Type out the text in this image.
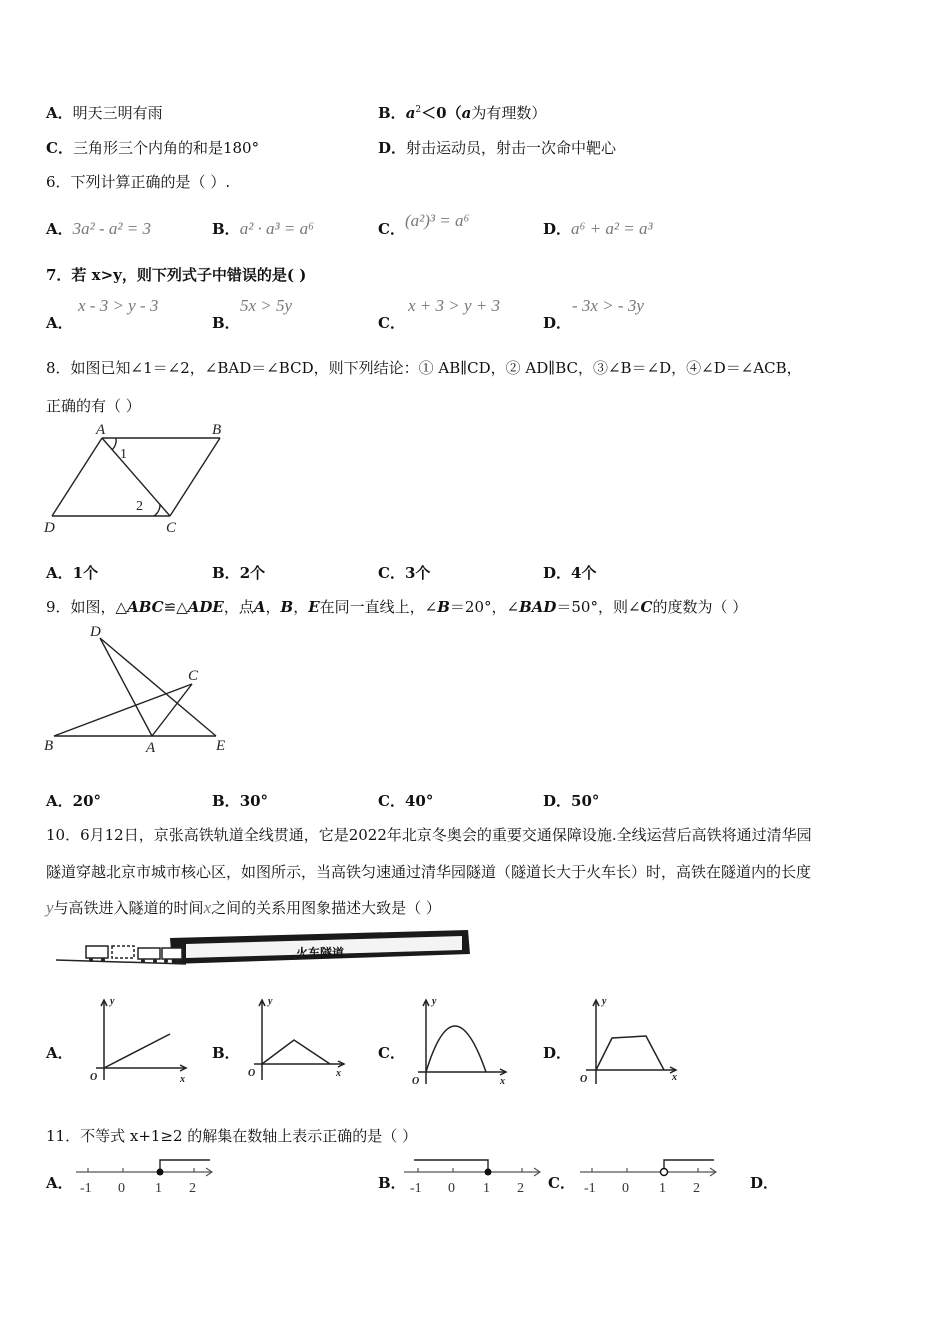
A．明天三明有雨	B．$a^2<0(a$为有理数）
C．三角形三个内角的和是180°	D．射击运动员，射击一次命中靶心
6．下列计算正确的是（ ）.
A．3a² - a² = 3	B．a² · a³ = a⁶	C．(a²)³ = a⁶	D．a⁶ + a² = a³
7．若 x>y，则下列式子中错误的是( )
A．
x - 3 > y - 3
B．
5x > 5y
C．
x + 3 > y + 3
D．
- 3x > - 3y
8．如图已知∠1＝∠2，∠BAD＝∠BCD，则下列结论：① AB∥CD，② AD∥BC，③∠B＝∠D，④∠D＝∠ACB，
正确的有（ ）
A	B
C
D
1
2
A．1个	B．2个	C．3个	D．4个
9．如图，△ABC≌△ADE，点A，B，E在同一直线上，∠B＝20°，∠BAD＝50°，则∠C的度数为（ ）
D
C
B	A	E
A．20°	B．30°	C．40°	D．50°
10．6月12日，京张高铁轨道全线贯通，它是2022年北京冬奥会的重要交通保障设施.全线运营后高铁将通过清华园
隧道穿越北京市城市核心区，如图所示，当高铁匀速通过清华园隧道（隧道长大于火车长）时，高铁在隧道内的长度
y与高铁进入隧道的时间x之间的关系用图象描述大致是（ ）
火车隧道
A．
y
x
O
B．
y
x
O
C．
y
x
O
D．
y
x
O
11．不等式 x+1≥2 的解集在数轴上表示正确的是（ ）
A． -1 0 1 2	B． -1 0 1 2 C． -1 0 1 2	D．
